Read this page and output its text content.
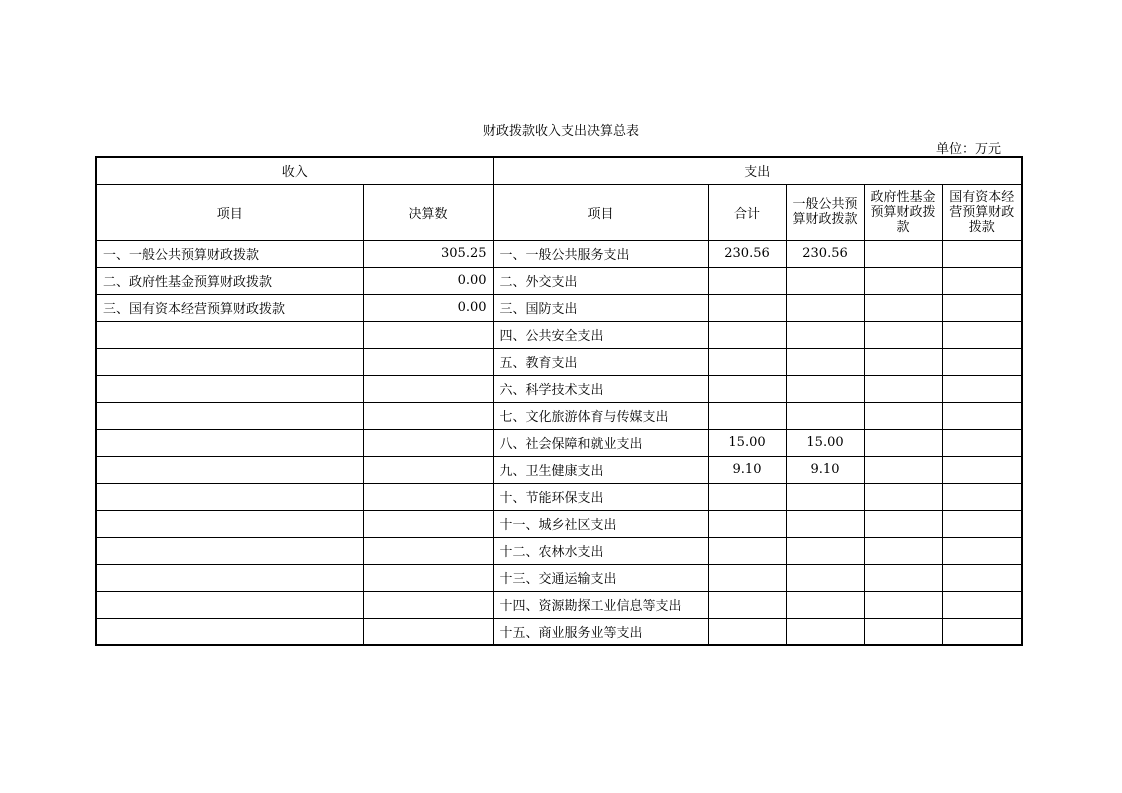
财政拨款收入支出决算总表
单位：万元
收入		支出				
项目	决算数	项目	合计	一般公共预算财政拨款	政府性基金预算财政拨款	国有资本经营预算财政拨款
一、一般公共预算财政拨款	305.25	一、一般公共服务支出	230.56	230.56		
二、政府性基金预算财政拨款	0.00	二、外交支出				
三、国有资本经营预算财政拨款	0.00	三、国防支出				
		四、公共安全支出				
		五、教育支出				
		六、科学技术支出				
		七、文化旅游体育与传媒支出				
		八、社会保障和就业支出	15.00	15.00		
		九、卫生健康支出	9.10	9.10		
		十、节能环保支出				
		十一、城乡社区支出				
		十二、农林水支出				
		十三、交通运输支出				
		十四、资源勘探工业信息等支出				
		十五、商业服务业等支出				
